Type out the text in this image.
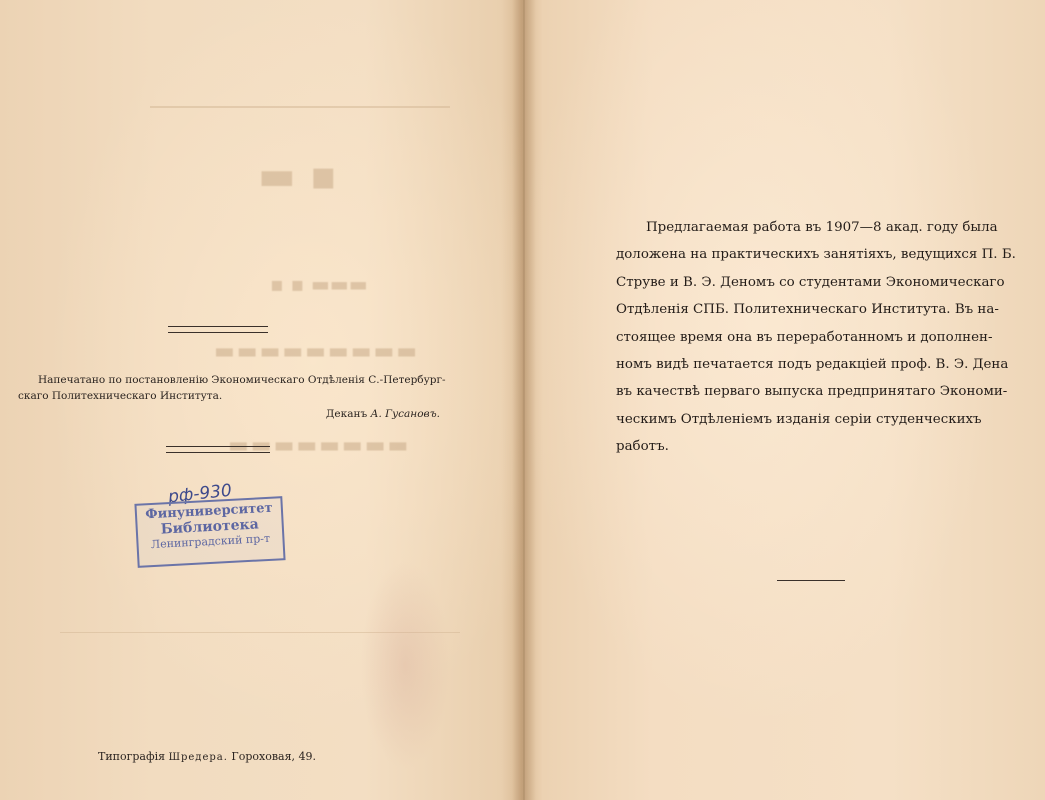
▬ ▪
▪ ▪ ▬▬▬
▬▬▬▬▬▬▬▬▬
▬▬▬▬▬▬▬▬
Напечатано по постановленію Экономическаго Отдѣленія С.-Петербург-
скаго Политехническаго Института.
Деканъ А. Гусановъ.
рф-930
Финуниверситет
Библиотека
Ленинградский пр-т
Типографія Шредера. Гороховая, 49.
Предлагаемая работа въ 1907—8 акад. году была
доложена на практическихъ занятіяхъ, ведущихся П. Б.
Струве и В. Э. Деномъ со студентами Экономическаго
Отдѣленія СПБ. Политехническаго Института. Въ на-
стоящее время она въ переработанномъ и дополнен-
номъ видѣ печатается подъ редакціей проф. В. Э. Дена
въ качествѣ перваго выпуска предпринятаго Экономи-
ческимъ Отдѣленіемъ изданія серіи студенческихъ
работъ.
